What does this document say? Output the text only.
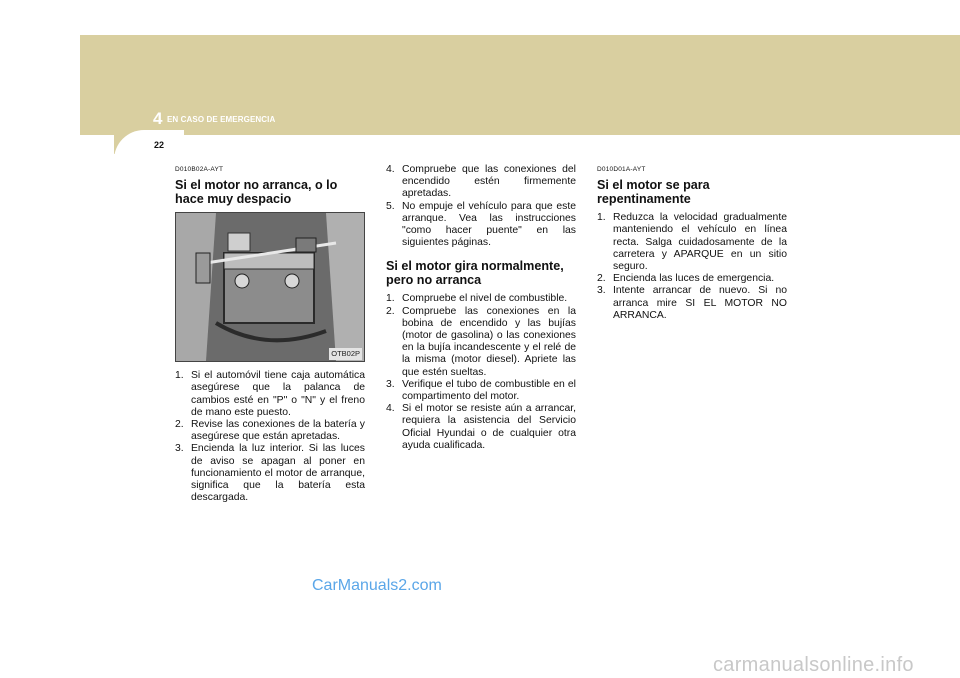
4 EN CASO DE EMERGENCIA
22
D010B02A-AYT
Si el motor no arranca, o lo hace muy despacio
OTB02P
1. Si el automóvil tiene caja automática asegúrese que la palanca de cambios esté en "P" o "N" y el freno de mano este puesto.
2. Revise las conexiones de la batería y asegúrese que están apretadas.
3. Encienda la luz interior. Si las luces de aviso se apagan al poner en funcionamiento el motor de arranque, significa que la batería esta descargada.
4. Compruebe que las conexiones del encendido estén firmemente apretadas.
5. No empuje el vehículo para que este arranque. Vea las instrucciones "como hacer puente" en las siguientes páginas.
Si el motor gira normalmente, pero no arranca
1. Compruebe el nivel de combustible.
2. Compruebe las conexiones en la bobina de encendido y las bujías (motor de gasolina) o las conexiones en la bujía incandescente y el relé de la misma (motor diesel). Apriete las que estén sueltas.
3. Verifique el tubo de combustible en el compartimento del motor.
4. Si el motor se resiste aún a arrancar, requiera la asistencia del Servicio Oficial Hyundai o de cualquier otra ayuda cualificada.
D010D01A-AYT
Si el motor se para repentinamente
1. Reduzca la velocidad gradualmente manteniendo el vehículo en línea recta. Salga cuidadosamente de la carretera y APARQUE en un sitio seguro.
2. Encienda las luces de emergencia.
3. Intente arrancar de nuevo. Si no arranca mire SI EL MOTOR NO ARRANCA.
CarManuals2.com
carmanualsonline.info
